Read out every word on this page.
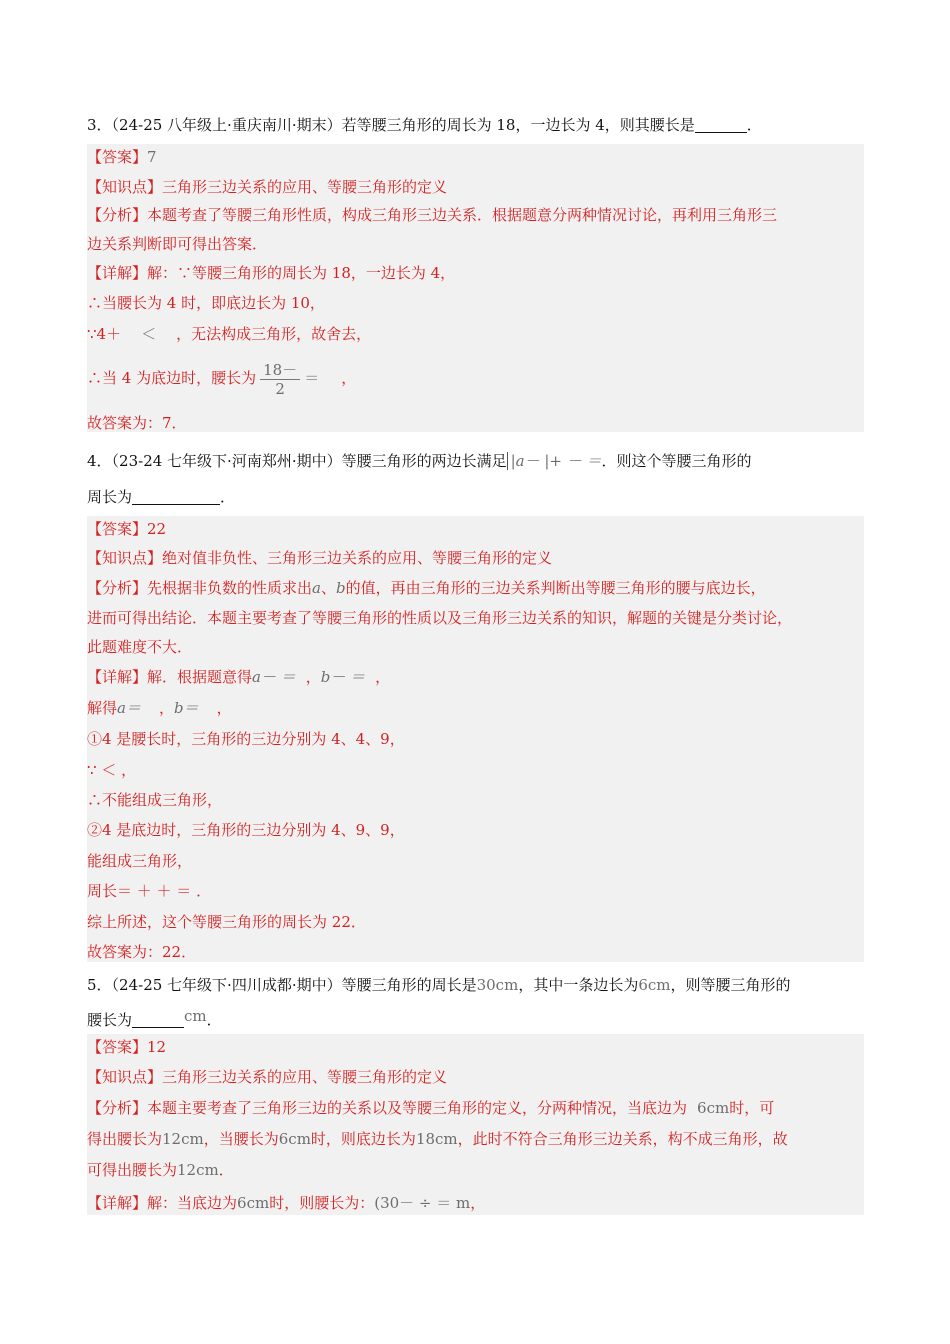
3．（24-25 八年级上·重庆南川·期末）若等腰三角形的周长为 18，一边长为 4，则其腰长是	．
【答案】7
【知识点】三角形三边关系的应用、等腰三角形的定义
【分析】本题考查了等腰三角形性质，构成三角形三边关系．根据题意分两种情况讨论，再利用三角形三
边关系判断即可得出答案．
【详解】解：∵等腰三角形的周长为 18，一边长为 4，
∴当腰长为 4 时，即底边长为 10，
∵4＋ ＜ ，无法构成三角形，故舍去，
∴当 4 为底边时，腰长为 $\frac{18-}{2}$ ＝ ，
故答案为：7．
4．（23-24 七年级下·河南郑州·期中）等腰三角形的两边长满足 |a－ |+ － ＝．则这个等腰三角形的
周长为	．
【答案】22
【知识点】绝对值非负性、三角形三边关系的应用、等腰三角形的定义
【分析】先根据非负数的性质求出a、b的值，再由三角形的三边关系判断出等腰三角形的腰与底边长，
进而可得出结论．本题主要考查了等腰三角形的性质以及三角形三边关系的知识，解题的关键是分类讨论，
此题难度不大．
【详解】解．根据题意得a－ ＝ ，b－ ＝ ，
解得a＝ ，b＝ ，
①4 是腰长时，三角形的三边分别为 4、4、9，
∵ ＜ ，
∴不能组成三角形，
②4 是底边时，三角形的三边分别为 4、9、9，
能组成三角形，
周长＝ ＋ ＋ ＝ ．
综上所述，这个等腰三角形的周长为 22．
故答案为：22．
5．（24-25 七年级下·四川成都·期中）等腰三角形的周长是30cm，其中一条边长为6cm，则等腰三角形的
腰长为	cm．
【答案】12
【知识点】三角形三边关系的应用、等腰三角形的定义
【分析】本题主要考查了三角形三边的关系以及等腰三角形的定义，分两种情况，当底边为 6cm时，可
得出腰长为12cm，当腰长为6cm时，则底边长为18cm，此时不符合三角形三边关系，构不成三角形，故
可得出腰长为12cm．
【详解】解：当底边为6cm时，则腰长为：(30－ ÷ ＝ m，
